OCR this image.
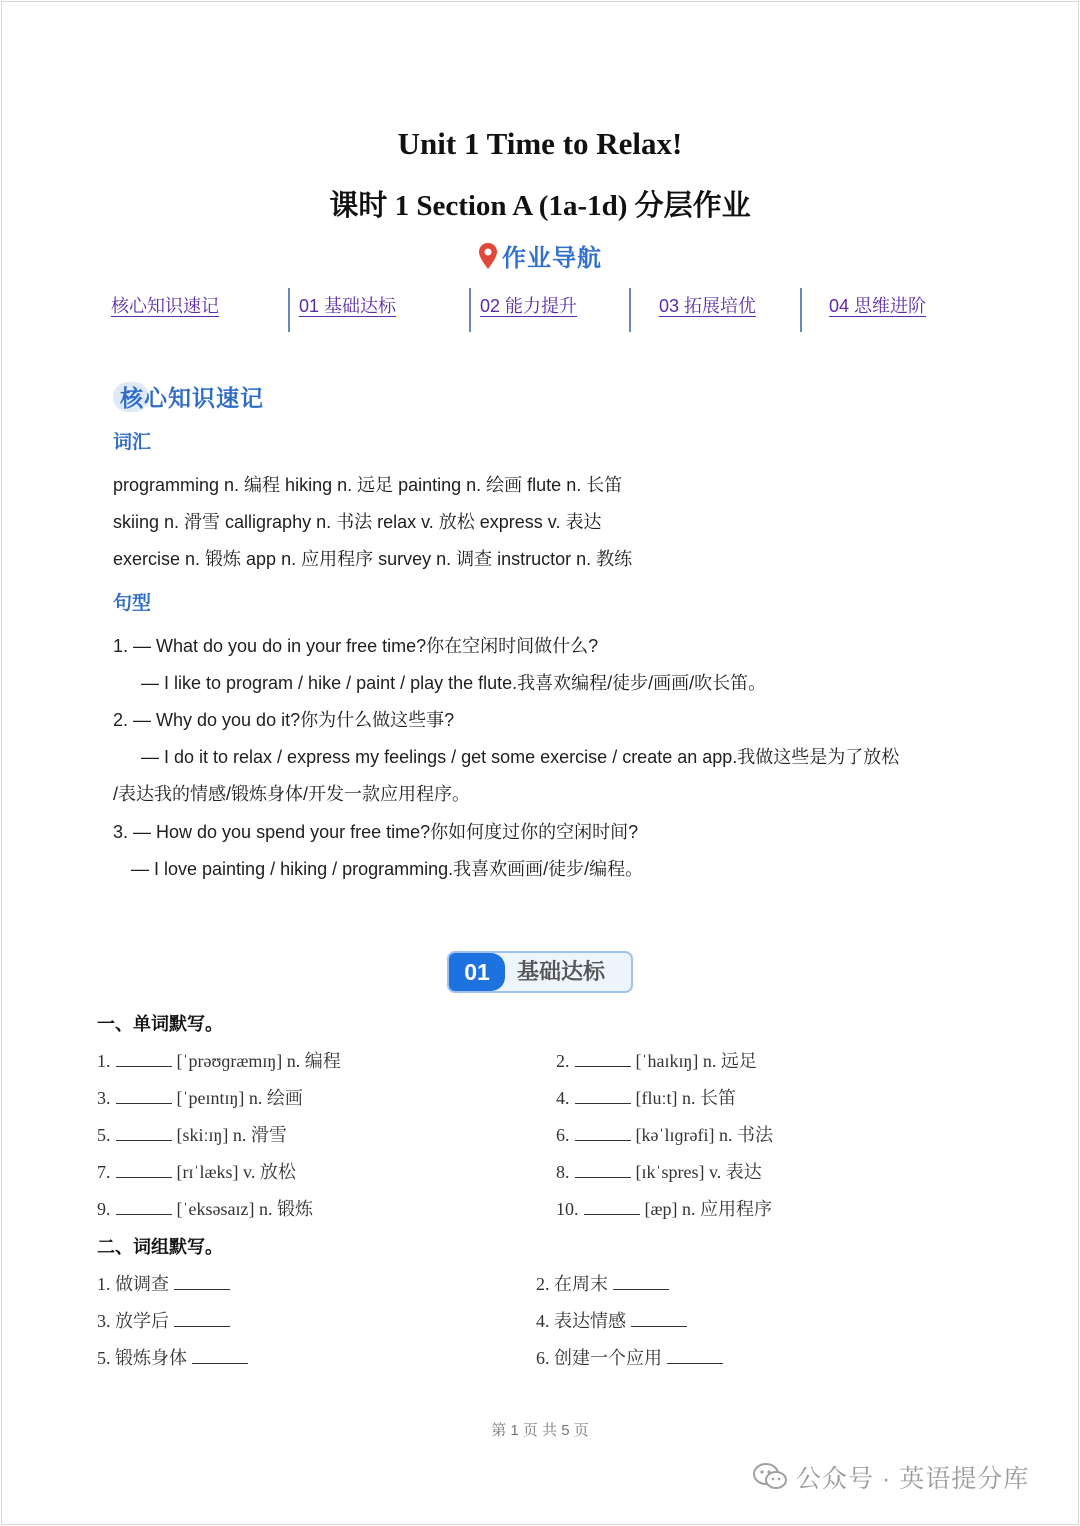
Unit 1 Time to Relax!
课时 1 Section A (1a-1d) 分层作业
作业导航
核心知识速记	01 基础达标	02 能力提升	03 拓展培优	04 思维进阶
核心知识速记
词汇
programming n. 编程 hiking n. 远足 painting n. 绘画 flute n. 长笛
skiing n. 滑雪 calligraphy n. 书法 relax v. 放松 express v. 表达
exercise n. 锻炼 app n. 应用程序 survey n. 调查 instructor n. 教练
句型
1. — What do you do in your free time?你在空闲时间做什么?
— I like to program / hike / paint / play the flute.我喜欢编程/徒步/画画/吹长笛。
2. — Why do you do it?你为什么做这些事?
— I do it to relax / express my feelings / get some exercise / create an app.我做这些是为了放松
/表达我的情感/锻炼身体/开发一款应用程序。
3. — How do you spend your free time?你如何度过你的空闲时间?
— I love painting / hiking / programming.我喜欢画画/徒步/编程。
01	基础达标
一、单词默写。
1.	[ˈprəʊɡræmɪŋ] n. 编程	2.	[ˈhaɪkɪŋ] n. 远足
3.	[ˈpeɪntɪŋ] n. 绘画	4.	[fluːt] n. 长笛
5.	[skiːɪŋ] n. 滑雪	6.	[kəˈlɪɡrəfi] n. 书法
7.	[rɪˈlæks] v. 放松	8.	[ɪkˈspres] v. 表达
9.	[ˈeksəsaɪz] n. 锻炼	10.	[æp] n. 应用程序
二、词组默写。
1. 做调查	2. 在周末
3. 放学后	4. 表达情感
5. 锻炼身体	6. 创建一个应用
第 1 页 共 5 页
公众号 · 英语提分库
